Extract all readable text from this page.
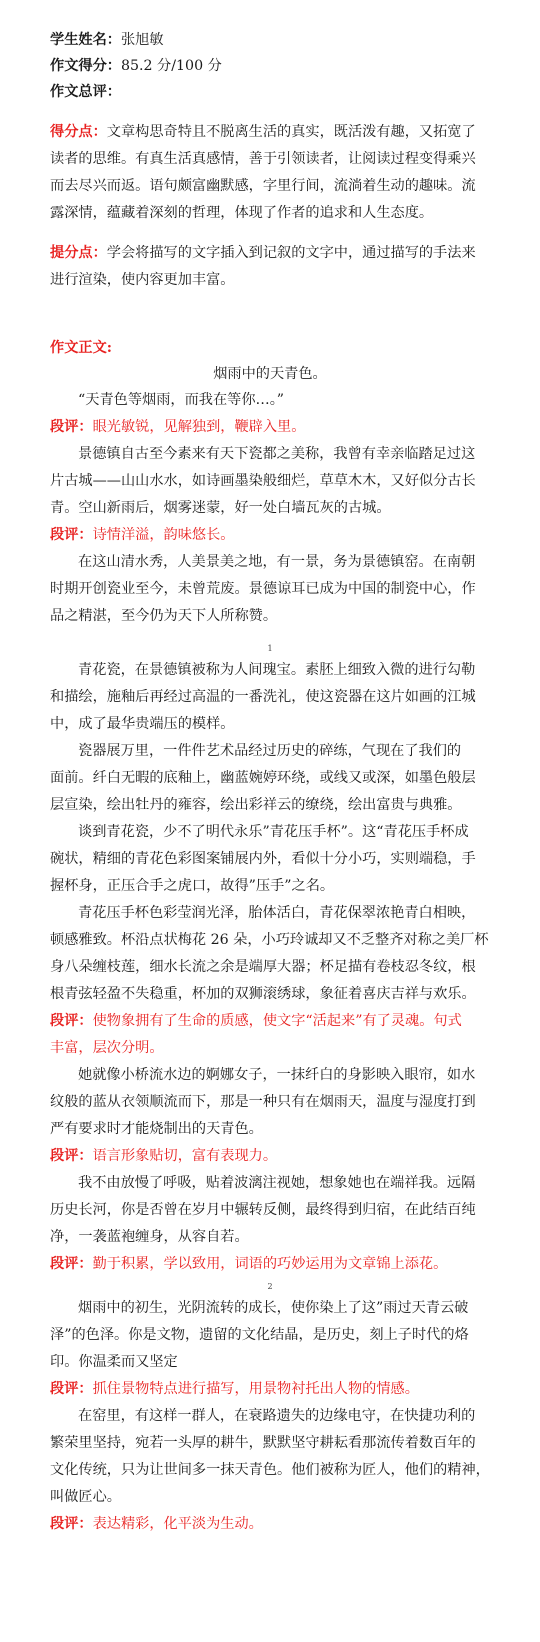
学生姓名：张旭敏
作文得分：85.2 分/100 分
作文总评：
得分点：文章构思奇特且不脱离生活的真实，既活泼有趣，又拓宽了
读者的思维。有真生活真感情，善于引领读者，让阅读过程变得乘兴
而去尽兴而返。语句颇富幽默感，字里行间，流淌着生动的趣味。流
露深情，蕴藏着深刻的哲理，体现了作者的追求和人生态度。
提分点：学会将描写的文字插入到记叙的文字中，通过描写的手法来
进行渲染，使内容更加丰富。
作文正文:
烟雨中的天青色。
“天青色等烟雨，而我在等你…。”
段评：眼光敏锐，见解独到，鞭辟入里。
景德镇自古至今素来有天下瓷都之美称，我曾有幸亲临踏足过这
片古城——山山水水，如诗画墨染般细烂，草草木木，又好似分古长
青。空山新雨后，烟雾迷蒙，好一处白墙瓦灰的古城。
段评：诗情洋溢，韵味悠长。
在这山清水秀，人美景美之地，有一景，务为景德镇窑。在南朝
时期开创瓷业至今，未曾荒废。景德谅耳已成为中国的制瓷中心，作
品之精湛，至今仍为天下人所称赞。
1
青花瓷，在景德镇被称为人间瑰宝。素胚上细致入微的进行勾勒
和描绘，施釉后再经过高温的一番洗礼，使这瓷器在这片如画的江城
中，成了最华贵端压的模样。
瓷器展万里，一件件艺术品经过历史的碎练，气现在了我们的
面前。纤白无暇的底釉上，幽蓝婉婷环绕，或线又或深，如墨色般层
层宣染，绘出牡丹的雍容，绘出彩祥云的缭绕，绘出富贵与典雅。
谈到青花瓷，少不了明代永乐”青花压手杯”。这“青花压手杯成
碗状，精细的青花色彩图案铺展内外，看似十分小巧，实则端稳，手
握杯身，正压合手之虎口，故得”压手”之名。
青花压手杯色彩莹润光泽，胎体活白，青花保翠浓艳青白相映，
顿感雅致。杯沿点状梅花 26 朵，小巧玲诚却又不乏整齐对称之美厂杯
身八朵缠枝莲，细水长流之余是端厚大器；杯足描有卷枝忍冬纹，根
根青弦轻盈不失稳重，杯加的双狮滚绣球，象征着喜庆吉祥与欢乐。
段评：使物象拥有了生命的质感，使文字“活起来”有了灵魂。句式
丰富，层次分明。
她就像小桥流水边的婀娜女子，一抹纤白的身影映入眼帘，如水
纹般的蓝从衣领顺流而下，那是一种只有在烟雨天，温度与湿度打到
严有要求时才能烧制出的天青色。
段评：语言形象贴切，富有表现力。
我不由放慢了呼吸，贴着波漓注视她，想象她也在端祥我。远隔
历史长河，你是否曾在岁月中辗转反侧，最终得到归宿，在此结百纯
净，一袭蓝袍缠身，从容自若。
段评：勤于积累，学以致用，词语的巧妙运用为文章锦上添花。
2
烟雨中的初生，光阴流转的成长，使你染上了这”雨过天青云破
泽”的色泽。你是文物，遗留的文化结晶，是历史，刻上子时代的烙
印。你温柔而又坚定
段评：抓住景物特点进行描写，用景物衬托出人物的情感。
在窑里，有这样一群人，在衰路遗失的边缘电守，在快捷功利的
繁荣里坚持，宛若一头厚的耕牛，默默坚守耕耘看那流传着数百年的
文化传统，只为让世间多一抹天青色。他们被称为匠人，他们的精神，
叫做匠心。
段评：表达精彩，化平淡为生动。
